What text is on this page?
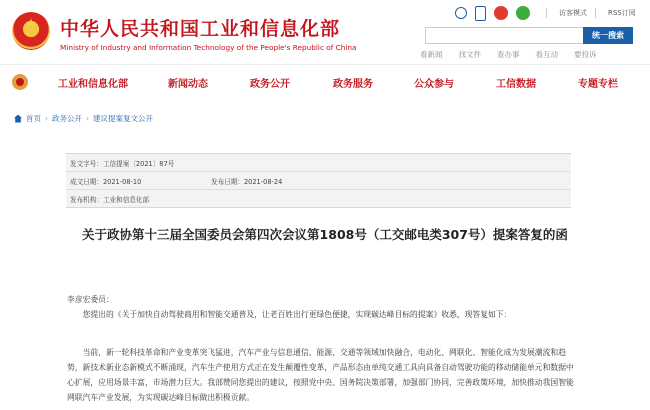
★	中华人民共和国工业和信息化部
Ministry of Industry and Information Technology of the People's Republic of China
访客模式	RSS订阅
统一搜索
看新闻 找文件 查办事 看互动 要投诉
工业和信息化部	新闻动态	政务公开	政务服务	公众参与	工信数据	专题专栏
首页 › 政务公开 › 建议提案复文公开
发文字号：工信提案〔2021〕87号
成文日期：2021-08-10	发布日期：2021-08-24
发布机构：工业和信息化部
关于政协第十三届全国委员会第四次会议第1808号（工交邮电类307号）提案答复的函
李彦宏委员：
您提出的《关于加快自动驾驶商用和智能交通普及，让老百姓出行更绿色便捷，实现碳达峰目标的提案》收悉，现答复如下：
当前，新一轮科技革命和产业变革突飞猛进，汽车产业与信息通信、能源、交通等领域加快融合，电动化、网联化、智能化成为发展潮流和趋势，新技术新业态新模式不断涌现，汽车生产使用方式正在发生颠覆性变革，产品形态由单纯交通工具向具备自动驾驶功能的移动储能单元和数据中心扩展，应用场景丰富，市场潜力巨大。我部赞同您提出的建议，按照党中央、国务院决策部署，加强部门协同，完善政策环境，加快推动我国智能网联汽车产业发展，为实现碳达峰目标做出积极贡献。
